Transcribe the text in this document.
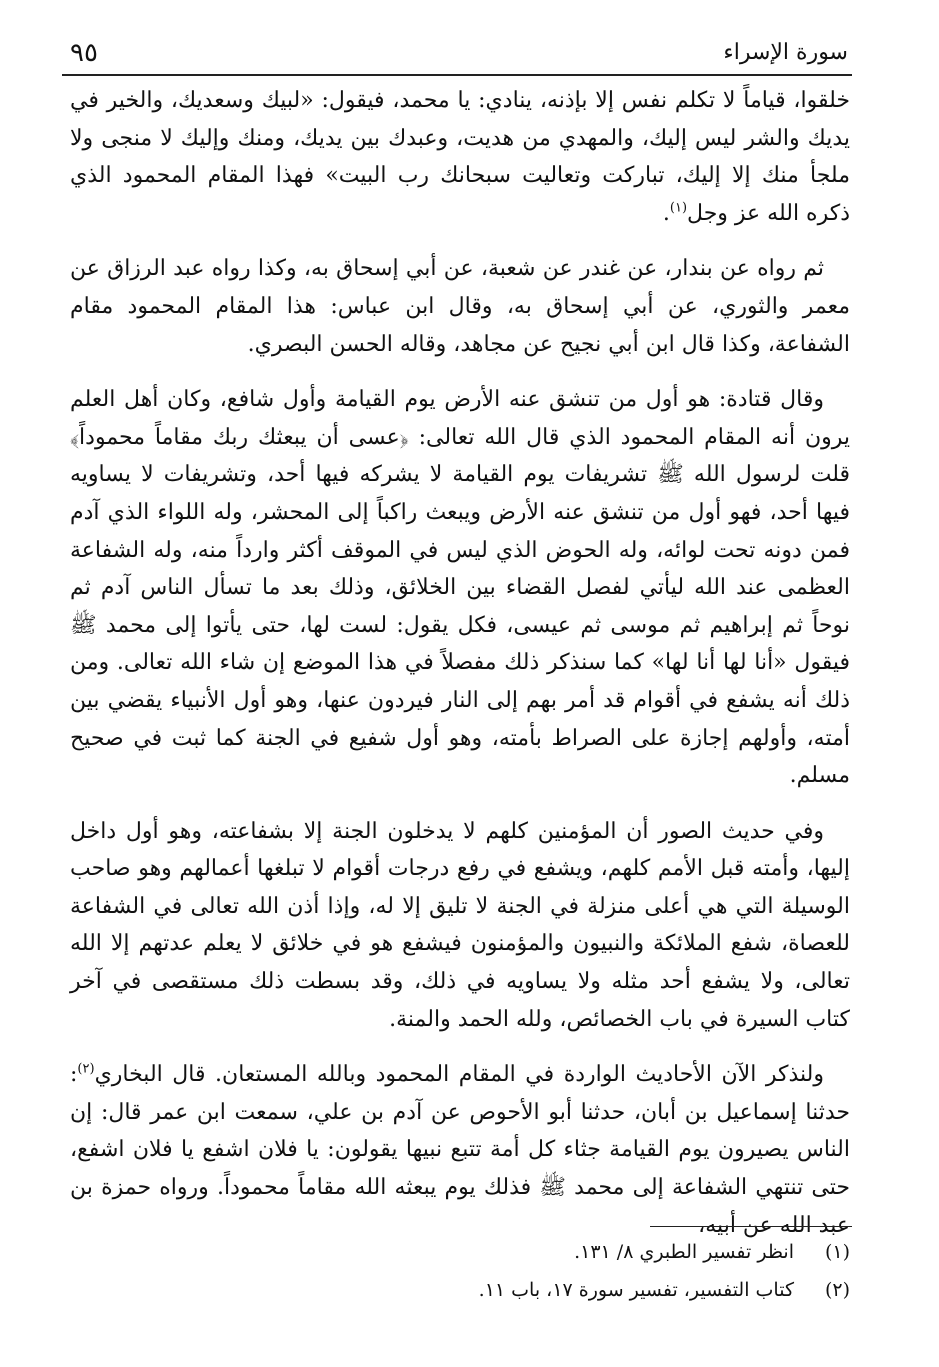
٩٥	سورة الإسراء

خلقوا، قياماً لا تكلم نفس إلا بإذنه، ينادي: يا محمد، فيقول: «لبيك وسعديك، والخير في يديك والشر ليس إليك، والمهدي من هديت، وعبدك بين يديك، ومنك وإليك لا منجى ولا ملجأ منك إلا إليك، تباركت وتعاليت سبحانك رب البيت» فهذا المقام المحمود الذي ذكره الله عز وجل$^{(١)}$.

ثم رواه عن بندار، عن غندر عن شعبة، عن أبي إسحاق به، وكذا رواه عبد الرزاق عن معمر والثوري، عن أبي إسحاق به، وقال ابن عباس: هذا المقام المحمود مقام الشفاعة، وكذا قال ابن أبي نجيح عن مجاهد، وقاله الحسن البصري.

وقال قتادة: هو أول من تنشق عنه الأرض يوم القيامة وأول شافع، وكان أهل العلم يرون أنه المقام المحمود الذي قال الله تعالى: ﴿عسى أن يبعثك ربك مقاماً محموداً﴾ قلت لرسول الله ﷺ تشريفات يوم القيامة لا يشركه فيها أحد، وتشريفات لا يساويه فيها أحد، فهو أول من تنشق عنه الأرض ويبعث راكباً إلى المحشر، وله اللواء الذي آدم فمن دونه تحت لوائه، وله الحوض الذي ليس في الموقف أكثر وارداً منه، وله الشفاعة العظمى عند الله ليأتي لفصل القضاء بين الخلائق، وذلك بعد ما تسأل الناس آدم ثم نوحاً ثم إبراهيم ثم موسى ثم عيسى، فكل يقول: لست لها، حتى يأتوا إلى محمد ﷺ فيقول «أنا لها أنا لها» كما سنذكر ذلك مفصلاً في هذا الموضع إن شاء الله تعالى. ومن ذلك أنه يشفع في أقوام قد أمر بهم إلى النار فيردون عنها، وهو أول الأنبياء يقضي بين أمته، وأولهم إجازة على الصراط بأمته، وهو أول شفيع في الجنة كما ثبت في صحيح مسلم.

وفي حديث الصور أن المؤمنين كلهم لا يدخلون الجنة إلا بشفاعته، وهو أول داخل إليها، وأمته قبل الأمم كلهم، ويشفع في رفع درجات أقوام لا تبلغها أعمالهم وهو صاحب الوسيلة التي هي أعلى منزلة في الجنة لا تليق إلا له، وإذا أذن الله تعالى في الشفاعة للعصاة، شفع الملائكة والنبيون والمؤمنون فيشفع هو في خلائق لا يعلم عدتهم إلا الله تعالى، ولا يشفع أحد مثله ولا يساويه في ذلك، وقد بسطت ذلك مستقصى في آخر كتاب السيرة في باب الخصائص، ولله الحمد والمنة.

ولنذكر الآن الأحاديث الواردة في المقام المحمود وبالله المستعان. قال البخاري$^{(٢)}$: حدثنا إسماعيل بن أبان، حدثنا أبو الأحوص عن آدم بن علي، سمعت ابن عمر قال: إن الناس يصيرون يوم القيامة جثاء كل أمة تتبع نبيها يقولون: يا فلان اشفع يا فلان اشفع، حتى تنتهي الشفاعة إلى محمد ﷺ فذلك يوم يبعثه الله مقاماً محموداً. ورواه حمزة بن عبد الله عن أبيه،

(١)
انظر تفسير الطبري ٨/ ١٣١.
(٢)
كتاب التفسير، تفسير سورة ١٧، باب ١١.
